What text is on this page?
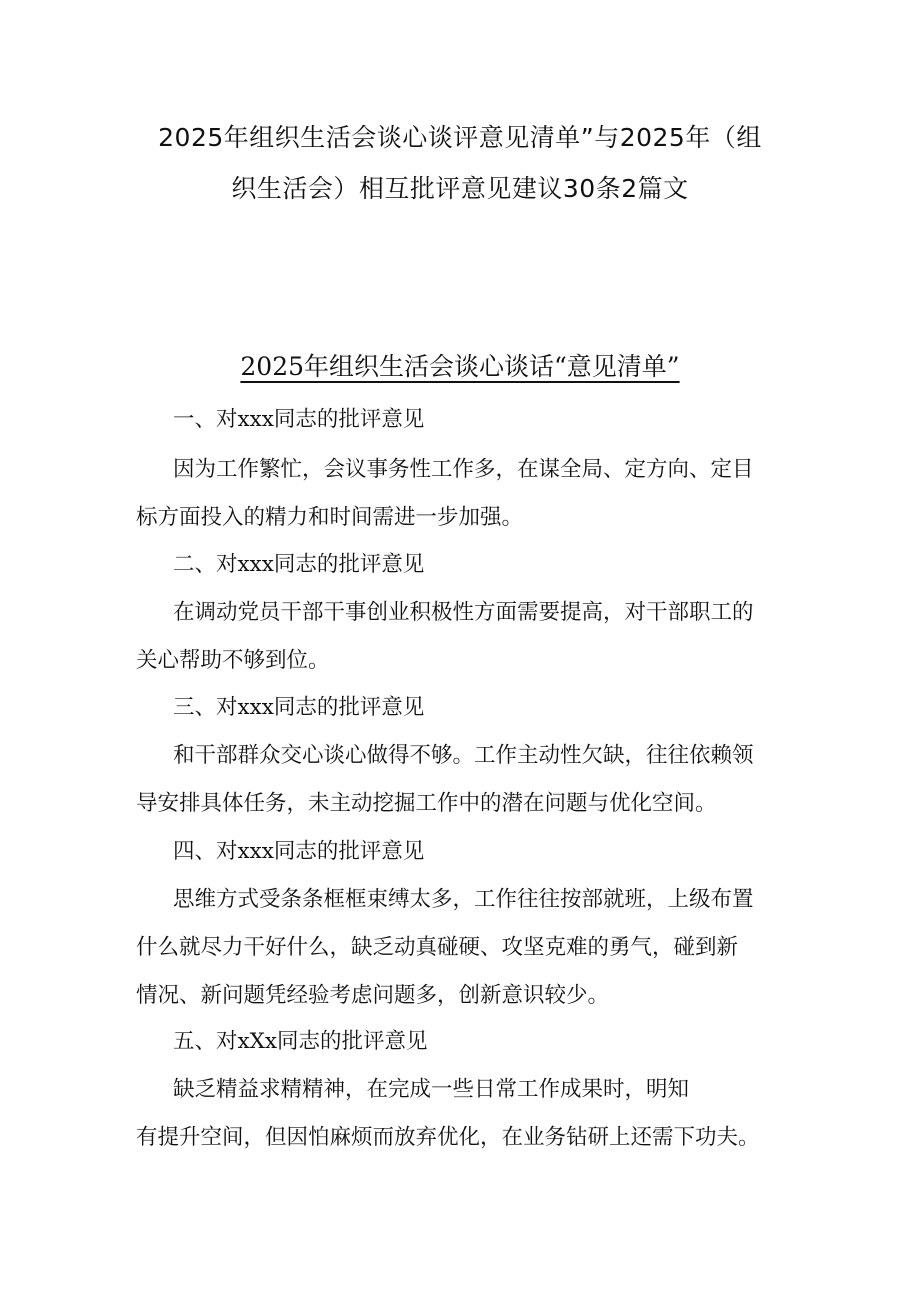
2025年组织生活会谈心谈评意见清单”与2025年（组
织生活会）相互批评意见建议30条2篇文
2025年组织生活会谈心谈话“意见清单”

一、对xxx同志的批评意见

因为工作繁忙，会议事务性工作多，在谋全局、定方向、定目
标方面投入的精力和时间需进一步加强。

二、对xxx同志的批评意见

在调动党员干部干事创业积极性方面需要提高，对干部职工的
关心帮助不够到位。

三、对xxx同志的批评意见

和干部群众交心谈心做得不够。工作主动性欠缺，往往依赖领
导安排具体任务，未主动挖掘工作中的潜在问题与优化空间。

四、对xxx同志的批评意见

思维方式受条条框框束缚太多，工作往往按部就班，上级布置
什么就尽力干好什么，缺乏动真碰硬、攻坚克难的勇气，碰到新
情况、新问题凭经验考虑问题多，创新意识较少。

五、对xXx同志的批评意见

缺乏精益求精精神，在完成一些日常工作成果时，明知
有提升空间，但因怕麻烦而放弃优化，在业务钻研上还需下功夫。
